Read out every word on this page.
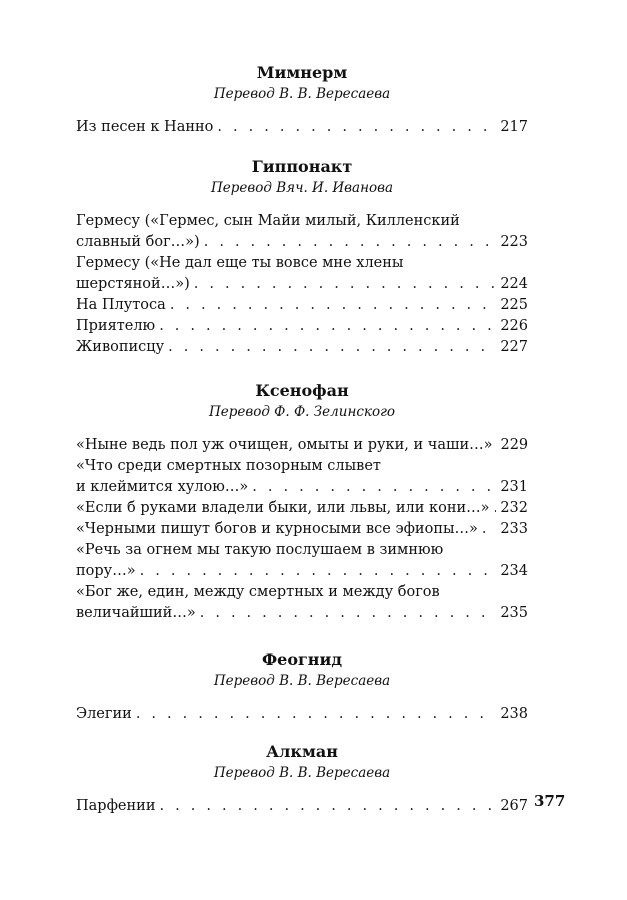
Мимнерм

Перевод В. В. Вересаева

Из песен к Нанно . . .	217

Гиппонакт

Перевод Вяч. И. Иванова

Гермесу («Гермес, сын Майи милый, Килленский
славный бог…») . . .	223
Гермесу («Не дал еще ты вовсе мне хлены
шерстяной…») . . .	224
На Плутоса . . .	225
Приятелю . . .	226
Живописцу . . .	227

Ксенофан

Перевод Ф. Ф. Зелинского

«Ныне ведь пол уж очищен, омыты и руки, и чаши…» 229
«Что среди смертных позорным слывет
и клеймится хулою…» . . .	231
«Если б руками владели быки, или львы, или кони…» . . . 232
«Черными пишут богов и курносыми все эфиопы…» . . . 233
«Речь за огнем мы такую послушаем в зимнюю
пору…» . . .	234
«Бог же, един, между смертных и между богов
величайший…» . . .	235

Феогнид

Перевод В. В. Вересаева

Элегии . . .	238

Алкман

Перевод В. В. Вересаева

Парфении . . .	267 377
